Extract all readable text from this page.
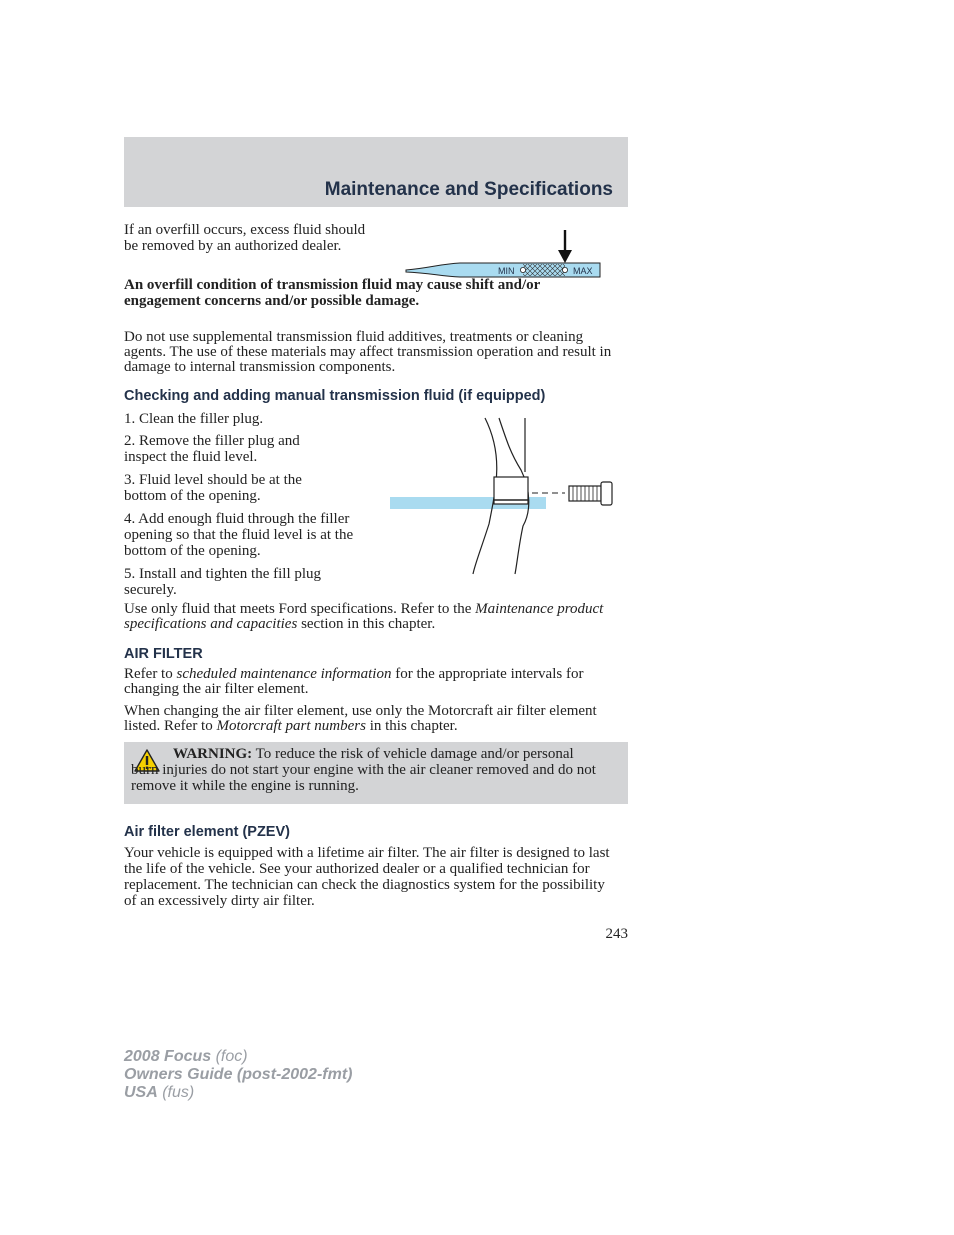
Maintenance and Specifications

If an overfill occurs, excess fluid should be removed by an authorized dealer.

MIN	MAX

An overfill condition of transmission fluid may cause shift and/or engagement concerns and/or possible damage.

Do not use supplemental transmission fluid additives, treatments or cleaning agents. The use of these materials may affect transmission operation and result in damage to internal transmission components.

Checking and adding manual transmission fluid (if equipped)

1. Clean the filler plug.

2. Remove the filler plug and inspect the fluid level.

3. Fluid level should be at the bottom of the opening.

4. Add enough fluid through the filler opening so that the fluid level is at the bottom of the opening.

5. Install and tighten the fill plug securely.

Use only fluid that meets Ford specifications. Refer to the Maintenance product specifications and capacities section in this chapter.

AIR FILTER

Refer to scheduled maintenance information for the appropriate intervals for changing the air filter element.

When changing the air filter element, use only the Motorcraft air filter element listed. Refer to Motorcraft part numbers in this chapter.

WARNING: To reduce the risk of vehicle damage and/or personal burn injuries do not start your engine with the air cleaner removed and do not remove it while the engine is running.

Air filter element (PZEV)

Your vehicle is equipped with a lifetime air filter. The air filter is designed to last the life of the vehicle. See your authorized dealer or a qualified technician for replacement. The technician can check the diagnostics system for the possibility of an excessively dirty air filter.

243
2008 Focus (foc)
Owners Guide (post-2002-fmt)
USA (fus)
